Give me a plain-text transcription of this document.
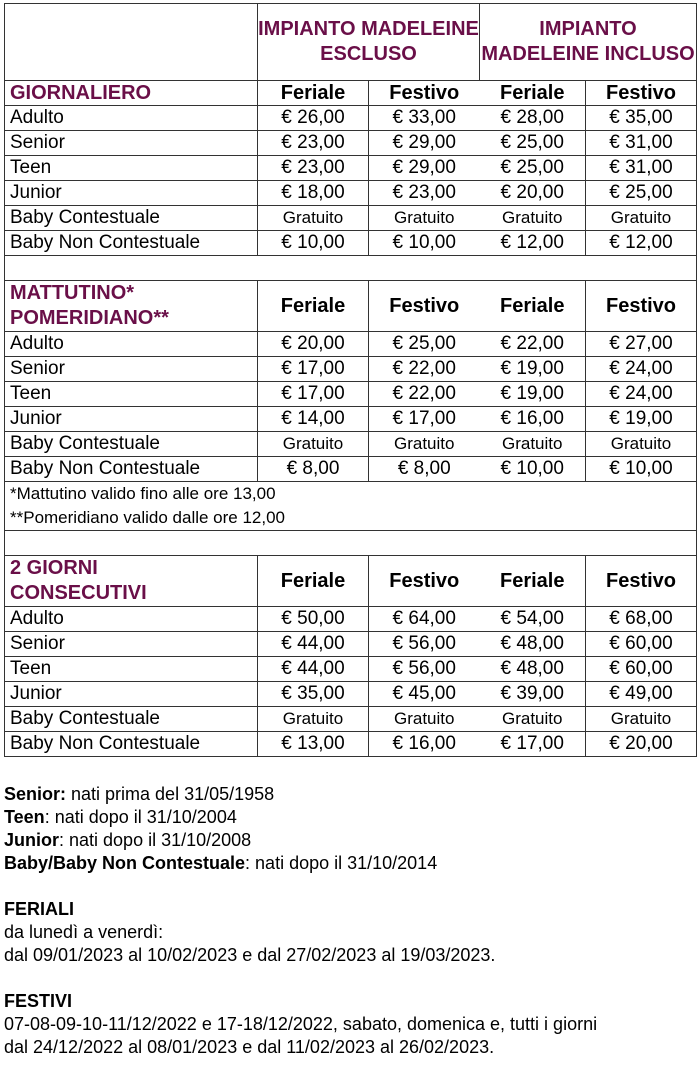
	IMPIANTO MADELEINE ESCLUSO		IMPIANTO MADELEINE INCLUSO	
GIORNALIERO	Feriale	Festivo	Feriale	Festivo
Adulto	€ 26,00	€ 33,00	€ 28,00	€ 35,00
Senior	€ 23,00	€ 29,00	€ 25,00	€ 31,00
Teen	€ 23,00	€ 29,00	€ 25,00	€ 31,00
Junior	€ 18,00	€ 23,00	€ 20,00	€ 25,00
Baby Contestuale	Gratuito	Gratuito	Gratuito	Gratuito
Baby Non Contestuale	€ 10,00	€ 10,00	€ 12,00	€ 12,00

MATTUTINO*
POMERIDIANO**	Feriale	Festivo	Feriale	Festivo
Adulto	€ 20,00	€ 25,00	€ 22,00	€ 27,00
Senior	€ 17,00	€ 22,00	€ 19,00	€ 24,00
Teen	€ 17,00	€ 22,00	€ 19,00	€ 24,00
Junior	€ 14,00	€ 17,00	€ 16,00	€ 19,00
Baby Contestuale	Gratuito	Gratuito	Gratuito	Gratuito
Baby Non Contestuale	€ 8,00	€ 8,00	€ 10,00	€ 10,00
*Mattutino valido fino alle ore 13,00				
**Pomeridiano valido dalle ore 12,00				

2 GIORNI
CONSECUTIVI	Feriale	Festivo	Feriale	Festivo
Adulto	€ 50,00	€ 64,00	€ 54,00	€ 68,00
Senior	€ 44,00	€ 56,00	€ 48,00	€ 60,00
Teen	€ 44,00	€ 56,00	€ 48,00	€ 60,00
Junior	€ 35,00	€ 45,00	€ 39,00	€ 49,00
Baby Contestuale	Gratuito	Gratuito	Gratuito	Gratuito
Baby Non Contestuale	€ 13,00	€ 16,00	€ 17,00	€ 20,00

Senior: nati prima del 31/05/1958

Teen: nati dopo il 31/10/2004

Junior: nati dopo il 31/10/2008

Baby/Baby Non Contestuale: nati dopo il 31/10/2014

FERIALI

da lunedì a venerdì:

dal 09/01/2023 al 10/02/2023 e dal 27/02/2023 al 19/03/2023.

FESTIVI

07-08-09-10-11/12/2022 e 17-18/12/2022, sabato, domenica e, tutti i giorni

dal 24/12/2022 al 08/01/2023 e dal 11/02/2023 al 26/02/2023.
